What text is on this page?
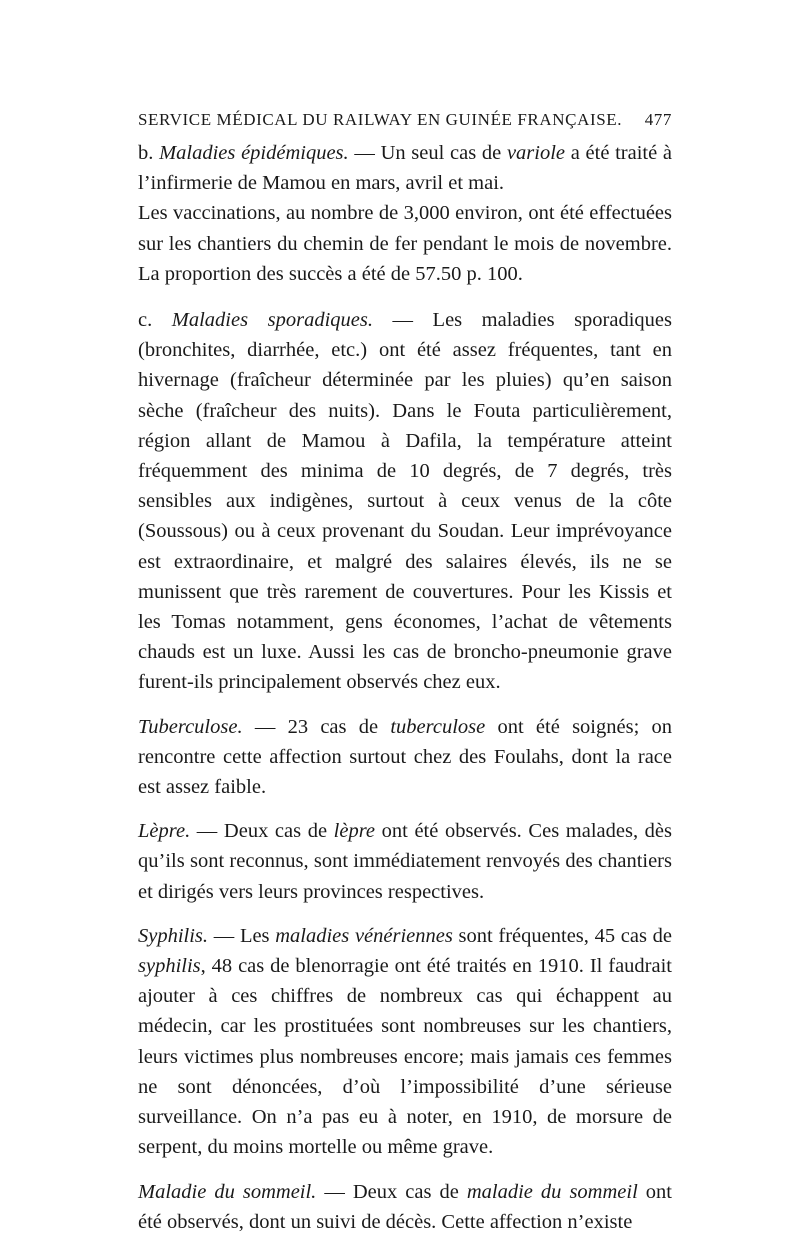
SERVICE MÉDICAL DU RAILWAY EN GUINÉE FRANÇAISE. 477

b. Maladies épidémiques. — Un seul cas de variole a été traité à l’infirmerie de Mamou en mars, avril et mai.

Les vaccinations, au nombre de 3,000 environ, ont été effectuées sur les chantiers du chemin de fer pendant le mois de novembre. La proportion des succès a été de 57.50 p. 100.

c. Maladies sporadiques. — Les maladies sporadiques (bronchites, diarrhée, etc.) ont été assez fréquentes, tant en hivernage (fraîcheur déterminée par les pluies) qu’en saison sèche (fraîcheur des nuits). Dans le Fouta particulièrement, région allant de Mamou à Dafila, la température atteint fréquemment des minima de 10 degrés, de 7 degrés, très sensibles aux indigènes, surtout à ceux venus de la côte (Soussous) ou à ceux provenant du Soudan. Leur imprévoyance est extraordinaire, et malgré des salaires élevés, ils ne se munissent que très rarement de couvertures. Pour les Kissis et les Tomas notamment, gens économes, l’achat de vêtements chauds est un luxe. Aussi les cas de broncho-pneumonie grave furent-ils principalement observés chez eux.

Tuberculose. — 23 cas de tuberculose ont été soignés; on rencontre cette affection surtout chez des Foulahs, dont la race est assez faible.

Lèpre. — Deux cas de lèpre ont été observés. Ces malades, dès qu’ils sont reconnus, sont immédiatement renvoyés des chantiers et dirigés vers leurs provinces respectives.

Syphilis. — Les maladies vénériennes sont fréquentes, 45 cas de syphilis, 48 cas de blenorragie ont été traités en 1910. Il faudrait ajouter à ces chiffres de nombreux cas qui échappent au médecin, car les prostituées sont nombreuses sur les chantiers, leurs victimes plus nombreuses encore; mais jamais ces femmes ne sont dénoncées, d’où l’impossibilité d’une sérieuse surveillance. On n’a pas eu à noter, en 1910, de morsure de serpent, du moins mortelle ou même grave.

Maladie du sommeil. — Deux cas de maladie du sommeil ont été observés, dont un suivi de décès. Cette affection n’existe
